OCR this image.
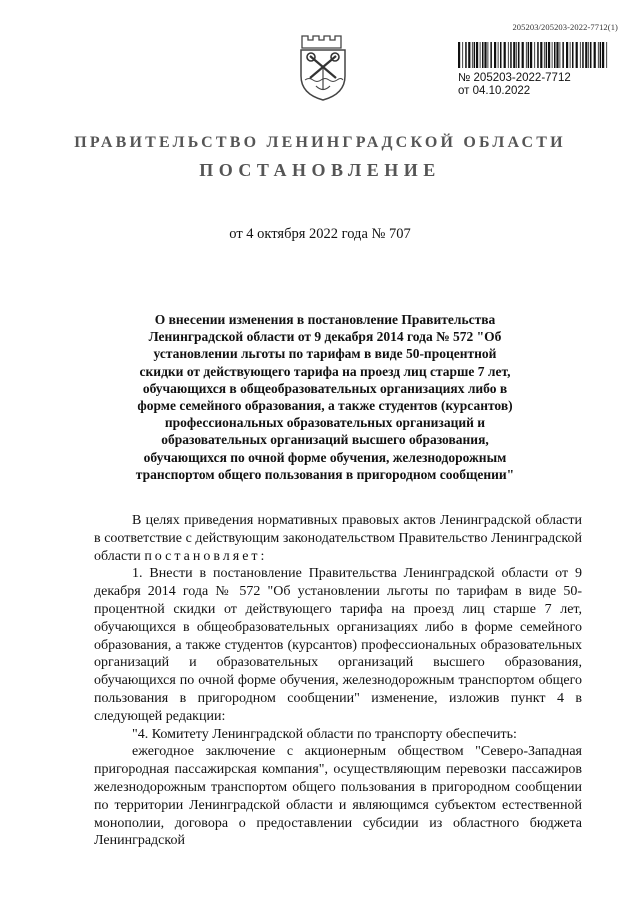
205203/205203-2022-7712(1)
№ 205203-2022-7712
от 04.10.2022
ПРАВИТЕЛЬСТВО ЛЕНИНГРАДСКОЙ ОБЛАСТИ
ПОСТАНОВЛЕНИЕ
от 4 октября 2022 года № 707
О внесении изменения в постановление Правительства Ленинградской области от 9 декабря 2014 года № 572 "Об установлении льготы по тарифам в виде 50-процентной скидки от действующего тарифа на проезд лиц старше 7 лет, обучающихся в общеобразовательных организациях либо в форме семейного образования, а также студентов (курсантов) профессиональных образовательных организаций и образовательных организаций высшего образования, обучающихся по очной форме обучения, железнодорожным транспортом общего пользования в пригородном сообщении"

В целях приведения нормативных правовых актов Ленинградской области в соответствие с действующим законодательством Правительство Ленинградской области постановляет:

1. Внести в постановление Правительства Ленинградской области от 9 декабря 2014 года № 572 "Об установлении льготы по тарифам в виде 50-процентной скидки от действующего тарифа на проезд лиц старше 7 лет, обучающихся в общеобразовательных организациях либо в форме семейного образования, а также студентов (курсантов) профессиональных образовательных организаций и образовательных организаций высшего образования, обучающихся по очной форме обучения, железнодорожным транспортом общего пользования в пригородном сообщении" изменение, изложив пункт 4 в следующей редакции:

"4. Комитету Ленинградской области по транспорту обеспечить:

ежегодное заключение с акционерным обществом "Северо-Западная пригородная пассажирская компания", осуществляющим перевозки пассажиров железнодорожным транспортом общего пользования в пригородном сообщении по территории Ленинградской области и являющимся субъектом естественной монополии, договора о предоставлении субсидии из областного бюджета Ленинградской
